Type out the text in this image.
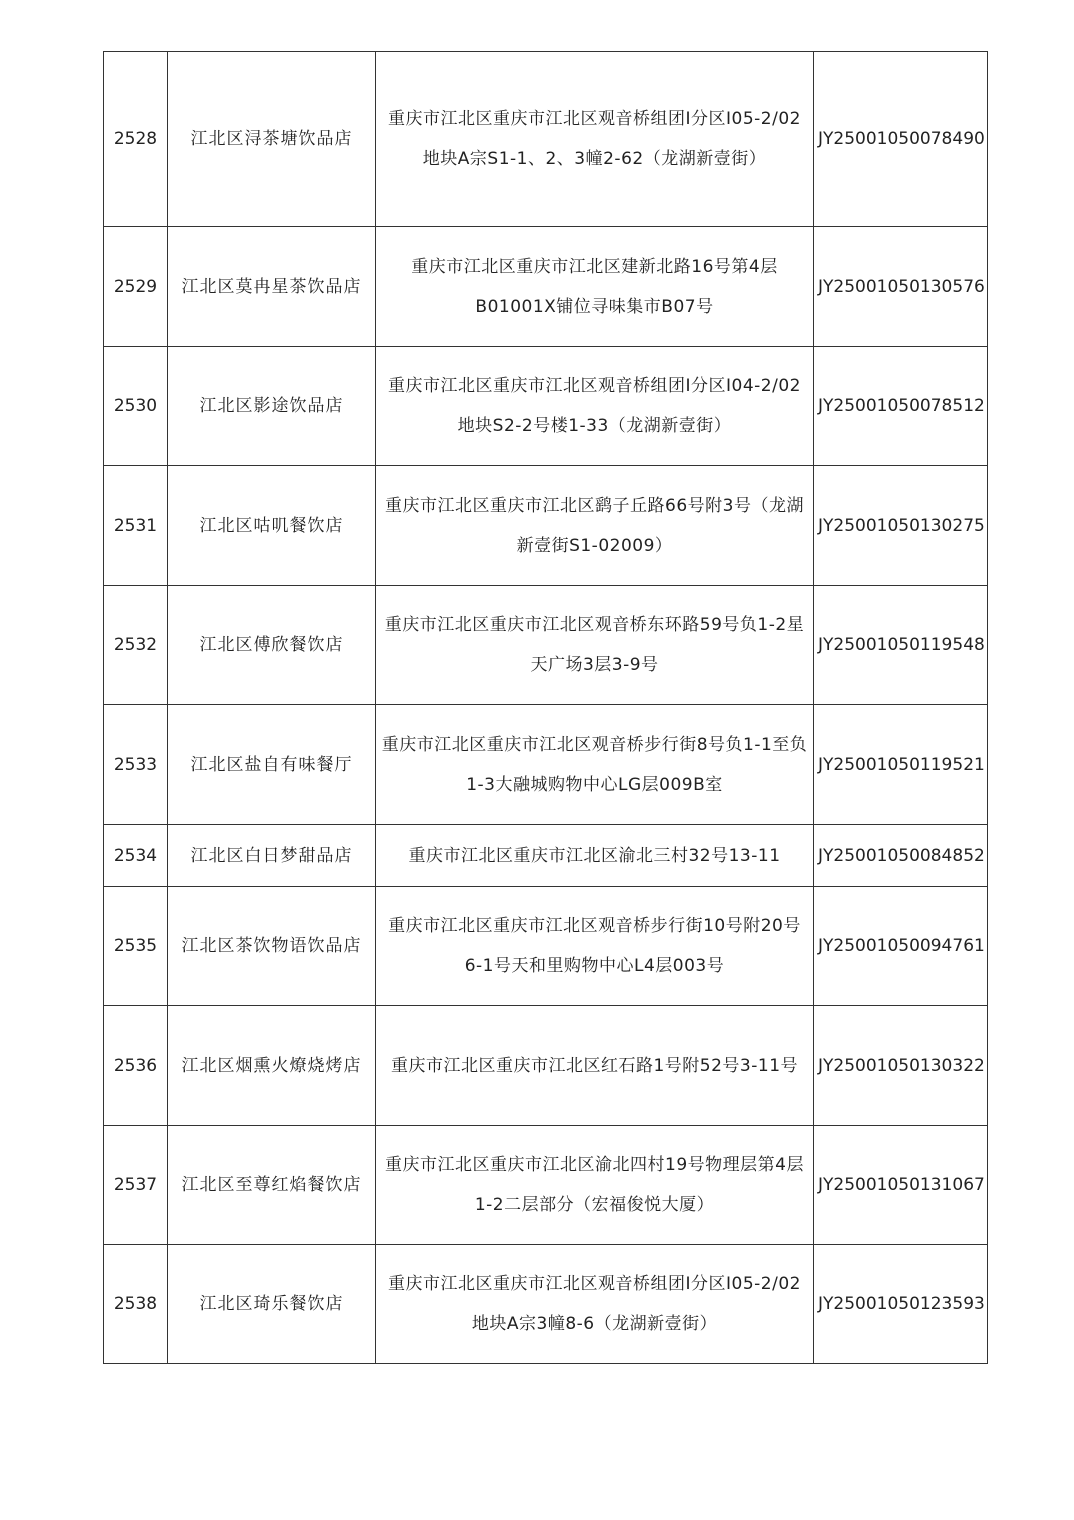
2528	江北区浔茶塘饮品店	重庆市江北区重庆市江北区观音桥组团Ⅰ分区I05-2/02地块A宗S1-1、2、3幢2-62（龙湖新壹街）	JY25001050078490
2529	江北区莫冉星茶饮品店	重庆市江北区重庆市江北区建新北路16号第4层B01001X铺位寻味集市B07号	JY25001050130576
2530	江北区影途饮品店	重庆市江北区重庆市江北区观音桥组团Ⅰ分区I04-2/02地块S2-2号楼1-33（龙湖新壹街）	JY25001050078512
2531	江北区咕叽餐饮店	重庆市江北区重庆市江北区鹞子丘路66号附3号（龙湖新壹街S1-02009）	JY25001050130275
2532	江北区傅欣餐饮店	重庆市江北区重庆市江北区观音桥东环路59号负1-2星天广场3层3-9号	JY25001050119548
2533	江北区盐自有味餐厅	重庆市江北区重庆市江北区观音桥步行街8号负1-1至负1-3大融城购物中心LG层009B室	JY25001050119521
2534	江北区白日梦甜品店	重庆市江北区重庆市江北区渝北三村32号13-11	JY25001050084852
2535	江北区茶饮物语饮品店	重庆市江北区重庆市江北区观音桥步行街10号附20号6-1号天和里购物中心L4层003号	JY25001050094761
2536	江北区烟熏火燎烧烤店	重庆市江北区重庆市江北区红石路1号附52号3-11号	JY25001050130322
2537	江北区至尊红焰餐饮店	重庆市江北区重庆市江北区渝北四村19号物理层第4层1-2二层部分（宏福俊悦大厦）	JY25001050131067
2538	江北区琦乐餐饮店	重庆市江北区重庆市江北区观音桥组团Ⅰ分区Ⅰ05-2/02地块A宗3幢8-6（龙湖新壹街）	JY25001050123593
